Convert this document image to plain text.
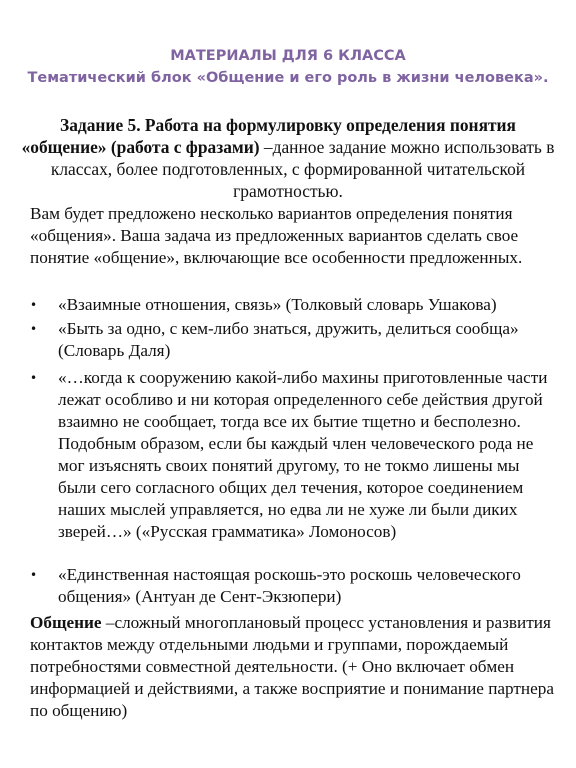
МАТЕРИАЛЫ ДЛЯ 6 КЛАССА
Тематический блок «Общение и его роль в жизни человека».
Задание 5. Работа на формулировку определения понятия «общение» (работа с фразами) –данное задание можно использовать в классах, более подготовленных, с формированной читательской грамотностью.
Вам будет предложено несколько вариантов определения понятия «общения». Ваша задача из предложенных вариантов сделать свое понятие «общение», включающие все особенности предложенных.
• «Взаимные отношения, связь» (Толковый словарь Ушакова)
• «Быть за одно, с кем-либо знаться, дружить, делиться сообща» (Словарь Даля)
• «…когда к сооружению какой-либо махины приготовленные части лежат особливо и ни которая определенного себе действия другой взаимно не сообщает, тогда все их бытие тщетно и бесполезно. Подобным образом, если бы каждый член человеческого рода не мог изъяснять своих понятий другому, то не токмо лишены мы были сего согласного общих дел течения, которое соединением наших мыслей управляется, но едва ли не хуже ли были диких зверей…» («Русская грамматика» Ломоносов)
• «Единственная настоящая роскошь-это роскошь человеческого общения» (Антуан де Сент-Экзюпери)
Общение –сложный многоплановый процесс установления и развития контактов между отдельными людьми и группами, порождаемый потребностями совместной деятельности. (+ Оно включает обмен информацией и действиями, а также восприятие и понимание партнера по общению)
